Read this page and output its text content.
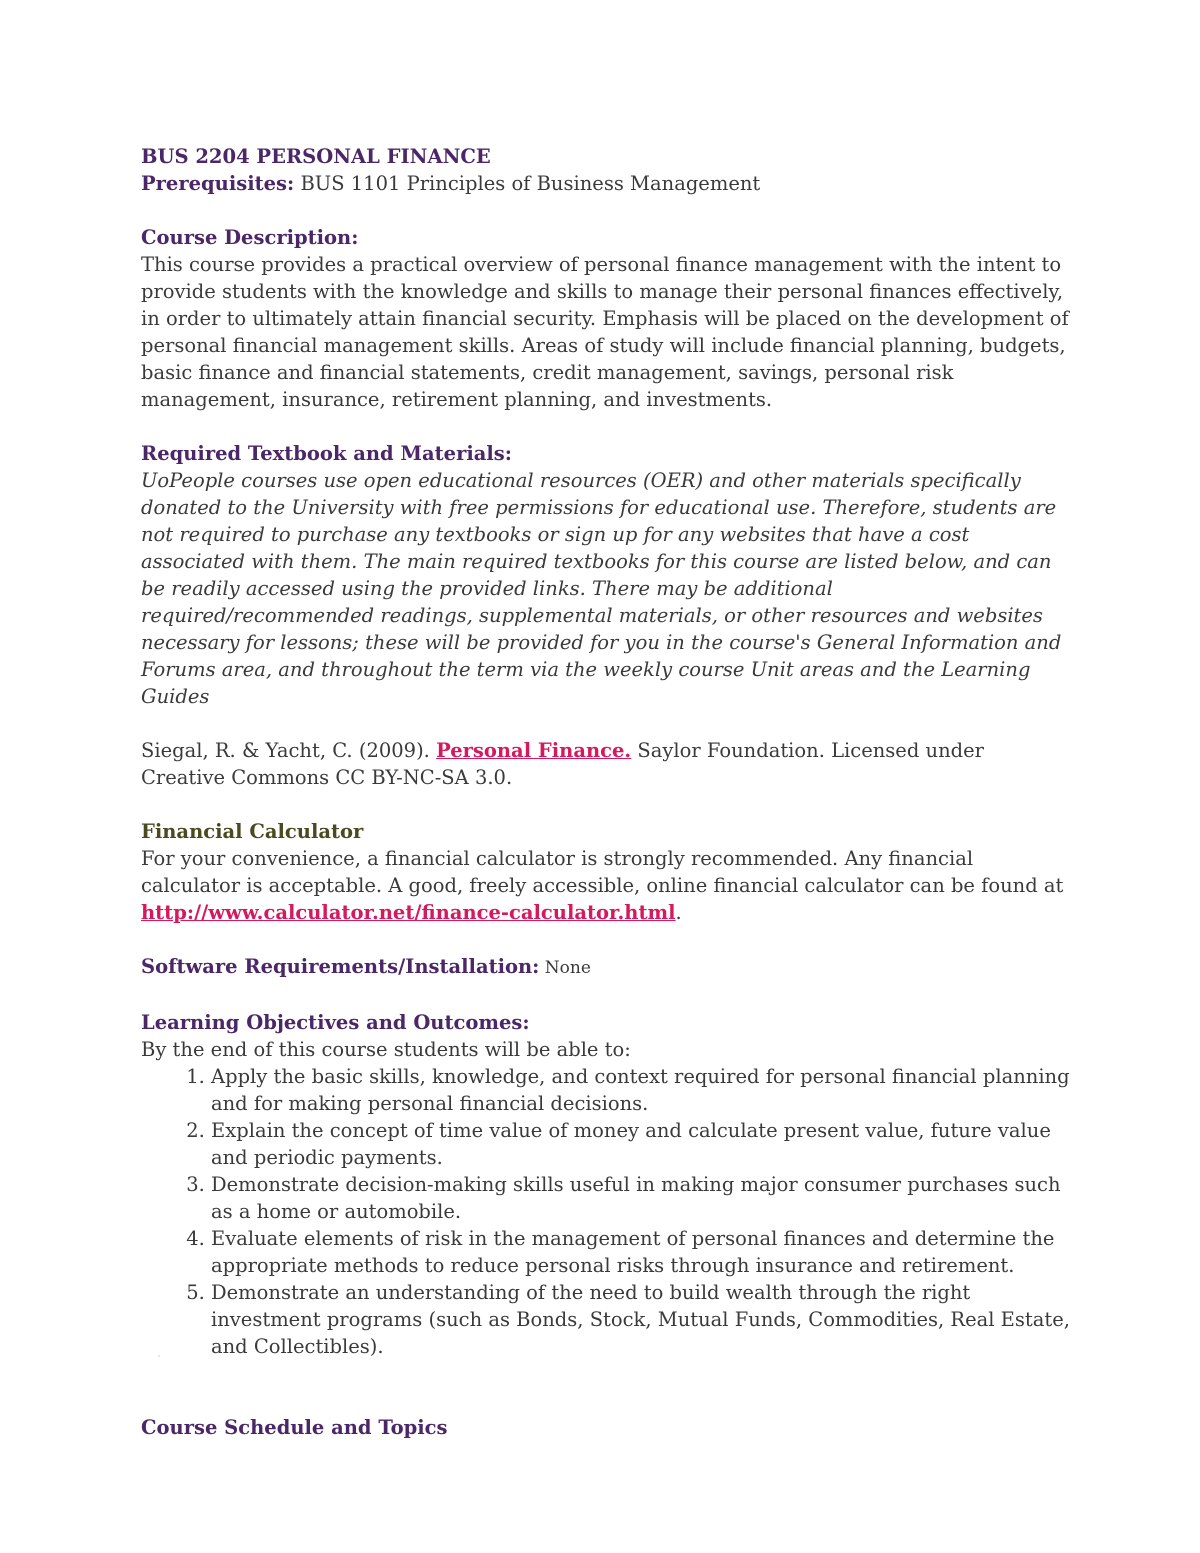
BUS 2204 PERSONAL FINANCE
Prerequisites: BUS 1101 Principles of Business Management

Course Description:
This course provides a practical overview of personal finance management with the intent to provide students with the knowledge and skills to manage their personal finances effectively, in order to ultimately attain financial security. Emphasis will be placed on the development of personal financial management skills. Areas of study will include financial planning, budgets, basic finance and financial statements, credit management, savings, personal risk management, insurance, retirement planning, and investments.

Required Textbook and Materials:
UoPeople courses use open educational resources (OER) and other materials specifically donated to the University with free permissions for educational use. Therefore, students are not required to purchase any textbooks or sign up for any websites that have a cost associated with them. The main required textbooks for this course are listed below, and can be readily accessed using the provided links. There may be additional required/recommended readings, supplemental materials, or other resources and websites necessary for lessons; these will be provided for you in the course's General Information and Forums area, and throughout the term via the weekly course Unit areas and the Learning Guides

Siegal, R. & Yacht, C. (2009). Personal Finance. Saylor Foundation. Licensed under Creative Commons CC BY-NC-SA 3.0.

Financial Calculator
For your convenience, a financial calculator is strongly recommended. Any financial calculator is acceptable. A good, freely accessible, online financial calculator can be found at http://www.calculator.net/finance-calculator.html.

Software Requirements/Installation: None

Learning Objectives and Outcomes:
By the end of this course students will be able to:
1. Apply the basic skills, knowledge, and context required for personal financial planning and for making personal financial decisions.
2. Explain the concept of time value of money and calculate present value, future value and periodic payments.
3. Demonstrate decision-making skills useful in making major consumer purchases such as a home or automobile.
4. Evaluate elements of risk in the management of personal finances and determine the appropriate methods to reduce personal risks through insurance and retirement.
5. Demonstrate an understanding of the need to build wealth through the right investment programs (such as Bonds, Stock, Mutual Funds, Commodities, Real Estate, and Collectibles).

Course Schedule and Topics
